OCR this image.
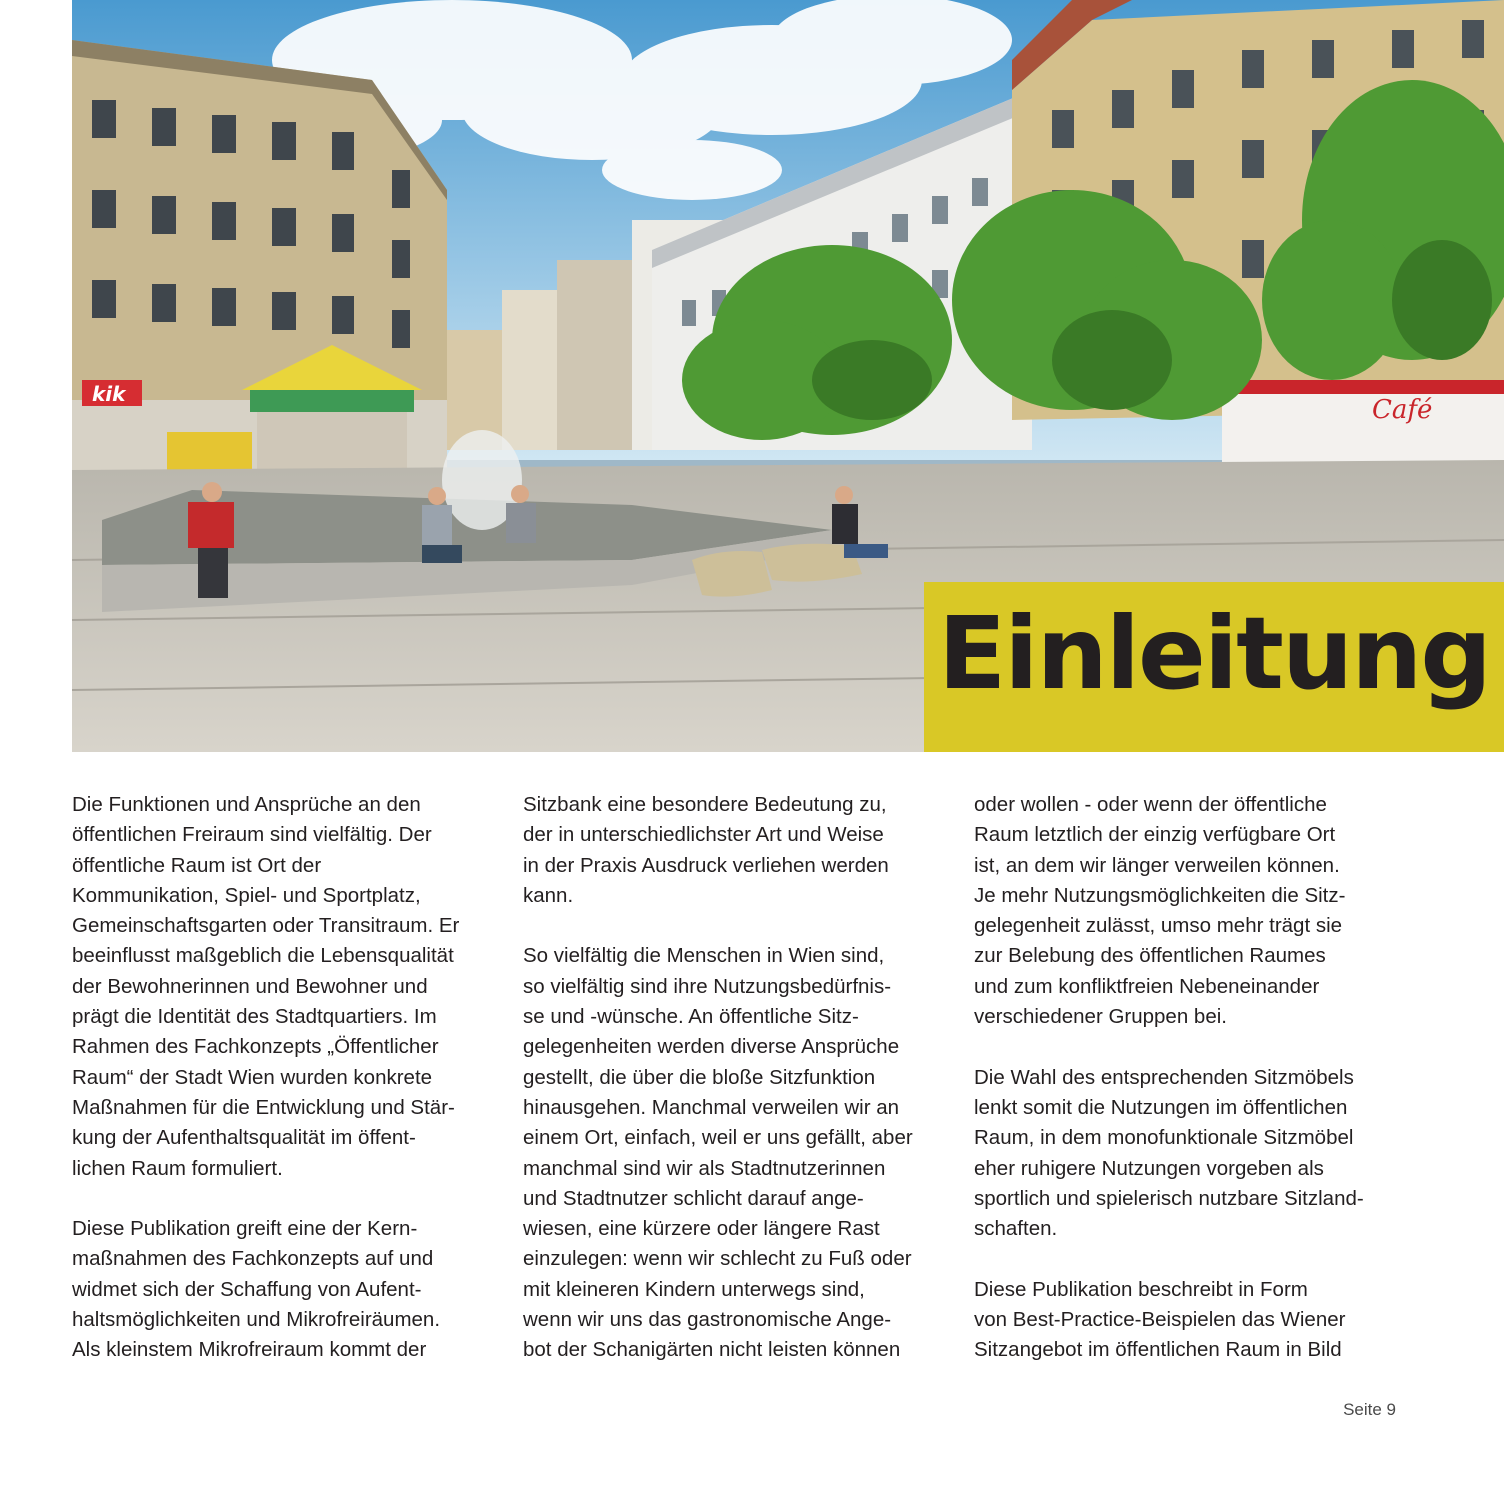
Café
kik
Einleitung

Die Funktionen und Ansprüche an den
öffentlichen Freiraum sind vielfältig. Der
öffentliche Raum ist Ort der
Kommunikation, Spiel- und Sportplatz,
Gemeinschaftsgarten oder Transitraum. Er
beeinflusst maßgeblich die Lebensqualität
der Bewohnerinnen und Bewohner und
prägt die Identität des Stadtquartiers. Im
Rahmen des Fachkonzepts „Öffentlicher
Raum“ der Stadt Wien wurden konkrete
Maßnahmen für die Entwicklung und Stär-
kung der Aufenthaltsqualität im öffent-
lichen Raum formuliert.

Diese Publikation greift eine der Kern-
maßnahmen des Fachkonzepts auf und
widmet sich der Schaffung von Aufent-
haltsmöglichkeiten und Mikrofreiräumen.
Als kleinstem Mikrofreiraum kommt der

Sitzbank eine besondere Bedeutung zu,
der in unterschiedlichster Art und Weise
in der Praxis Ausdruck verliehen werden
kann.

So vielfältig die Menschen in Wien sind,
so vielfältig sind ihre Nutzungsbedürfnis-
se und -wünsche. An öffentliche Sitz-
gelegenheiten werden diverse Ansprüche
gestellt, die über die bloße Sitzfunktion
hinausgehen. Manchmal verweilen wir an
einem Ort, einfach, weil er uns gefällt, aber
manchmal sind wir als Stadtnutzerinnen
und Stadtnutzer schlicht darauf ange-
wiesen, eine kürzere oder längere Rast
einzulegen: wenn wir schlecht zu Fuß oder
mit kleineren Kindern unterwegs sind,
wenn wir uns das gastronomische Ange-
bot der Schanigärten nicht leisten können

oder wollen - oder wenn der öffentliche
Raum letztlich der einzig verfügbare Ort
ist, an dem wir länger verweilen können.
Je mehr Nutzungsmöglichkeiten die Sitz-
gelegenheit zulässt, umso mehr trägt sie
zur Belebung des öffentlichen Raumes
und zum konfliktfreien Nebeneinander
verschiedener Gruppen bei.

Die Wahl des entsprechenden Sitzmöbels
lenkt somit die Nutzungen im öffentlichen
Raum, in dem monofunktionale Sitzmöbel
eher ruhigere Nutzungen vorgeben als
sportlich und spielerisch nutzbare Sitzland-
schaften.

Diese Publikation beschreibt in Form
von Best-Practice-Beispielen das Wiener
Sitzangebot im öffentlichen Raum in Bild

Seite 9
